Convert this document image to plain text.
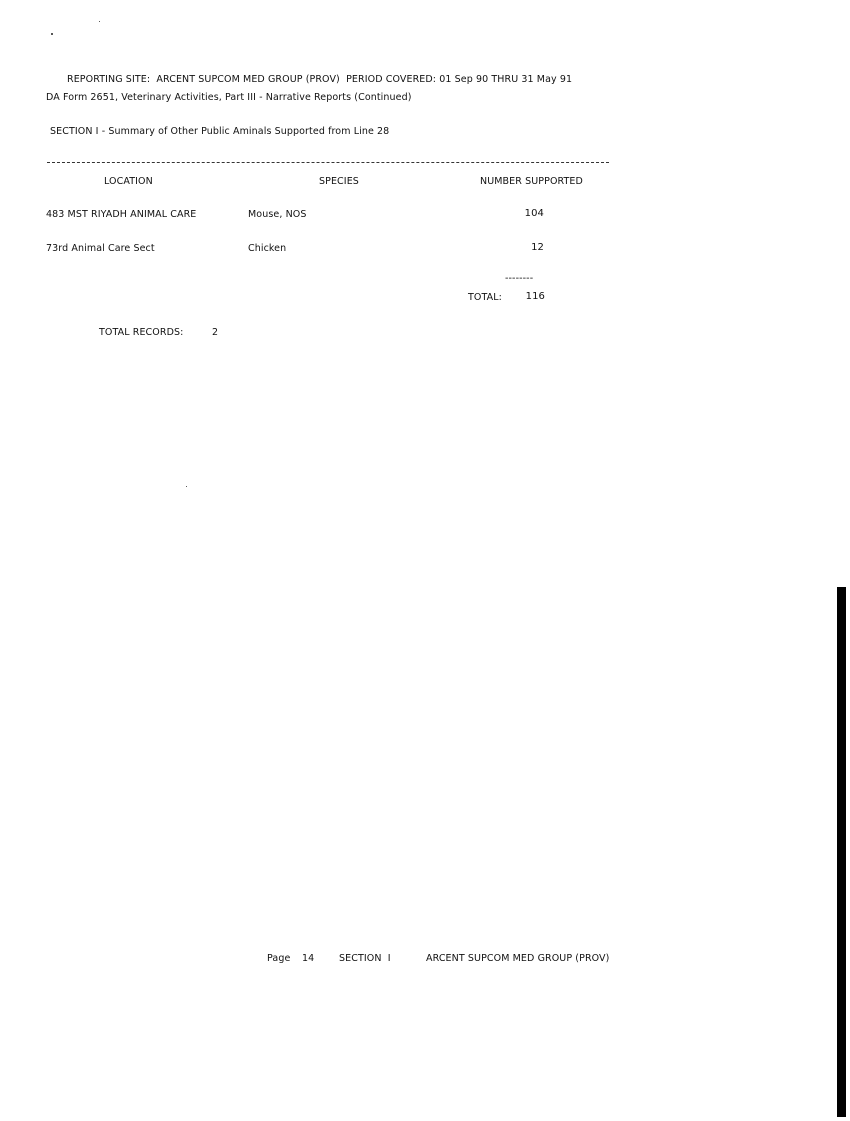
REPORTING SITE:  ARCENT SUPCOM MED GROUP (PROV)  PERIOD COVERED: 01 Sep 90 THRU 31 May 91
DA Form 2651, Veterinary Activities, Part III - Narrative Reports (Continued)
SECTION I - Summary of Other Public Aminals Supported from Line 28
LOCATION	SPECIES	NUMBER SUPPORTED
483 MST RIYADH ANIMAL CARE	Mouse, NOS	104
73rd Animal Care Sect	Chicken	12
--------
TOTAL:	116
TOTAL RECORDS:	2
Page 14	SECTION  I	ARCENT SUPCOM MED GROUP (PROV)
